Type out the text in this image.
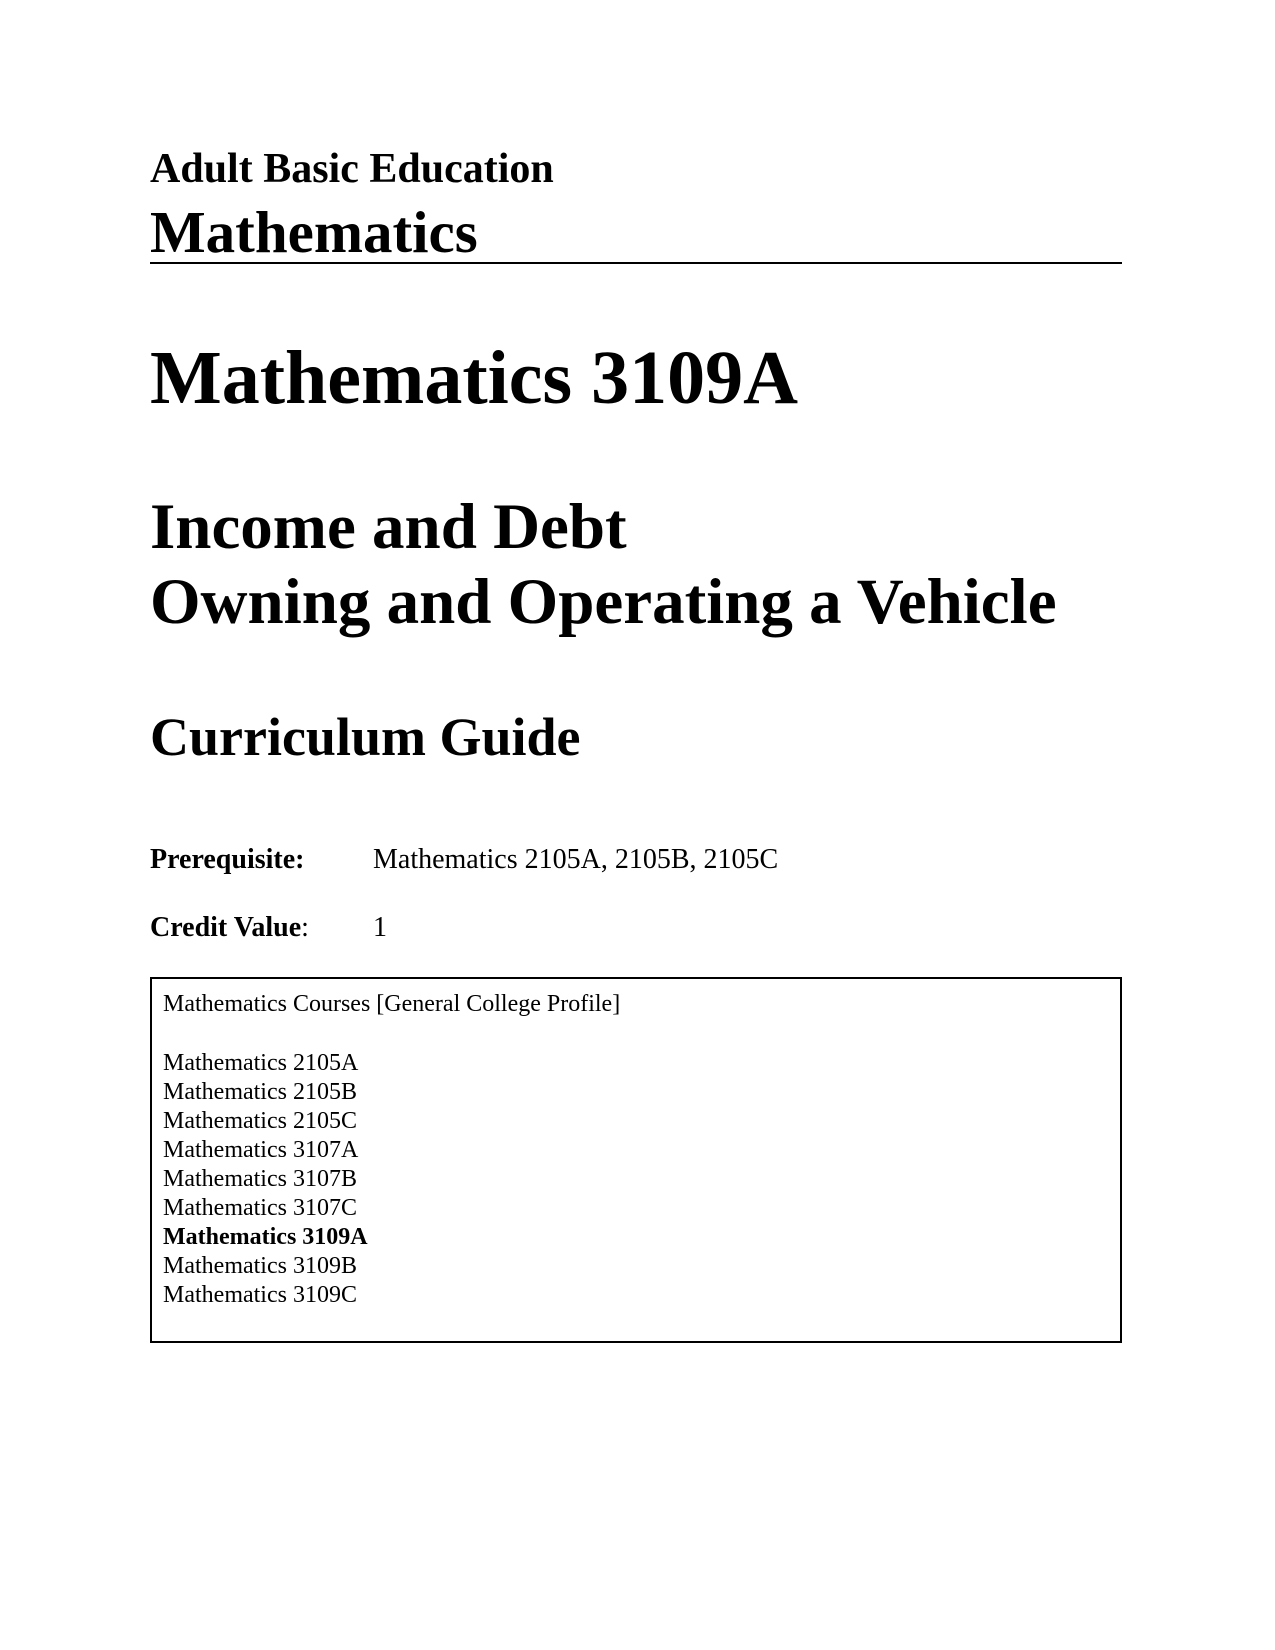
Adult Basic Education
Mathematics
Mathematics 3109A
Income and Debt
Owning and Operating a Vehicle
Curriculum Guide
Prerequisite: Mathematics 2105A, 2105B, 2105C
Credit Value: 1
Mathematics Courses [General College Profile]
Mathematics 2105A
Mathematics 2105B
Mathematics 2105C
Mathematics 3107A
Mathematics 3107B
Mathematics 3107C
Mathematics 3109A
Mathematics 3109B
Mathematics 3109C
